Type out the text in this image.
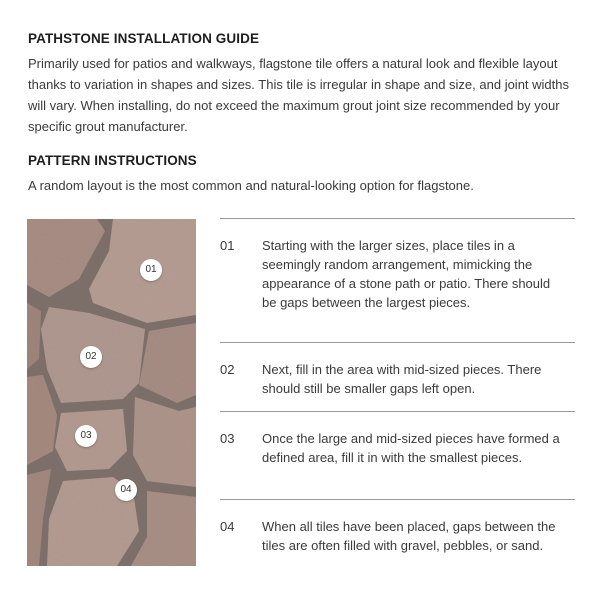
PATHSTONE INSTALLATION GUIDE

Primarily used for patios and walkways, flagstone tile offers a natural look and flexible layout thanks to variation in shapes and sizes. This tile is irregular in shape and size, and joint widths will vary. When installing, do not exceed the maximum grout joint size recommended by your specific grout manufacturer.

PATTERN INSTRUCTIONS

A random layout is the most common and natural-looking option for flagstone.

01
02
03
04
01 Starting with the larger sizes, place tiles in a seemingly random arrangement, mimicking the appearance of a stone path or patio. There should be gaps between the largest pieces.
02 Next, fill in the area with mid-sized pieces. There should still be smaller gaps left open.
03 Once the large and mid-sized pieces have formed a defined area, fill it in with the smallest pieces.
04 When all tiles have been placed, gaps between the tiles are often filled with gravel, pebbles, or sand.
